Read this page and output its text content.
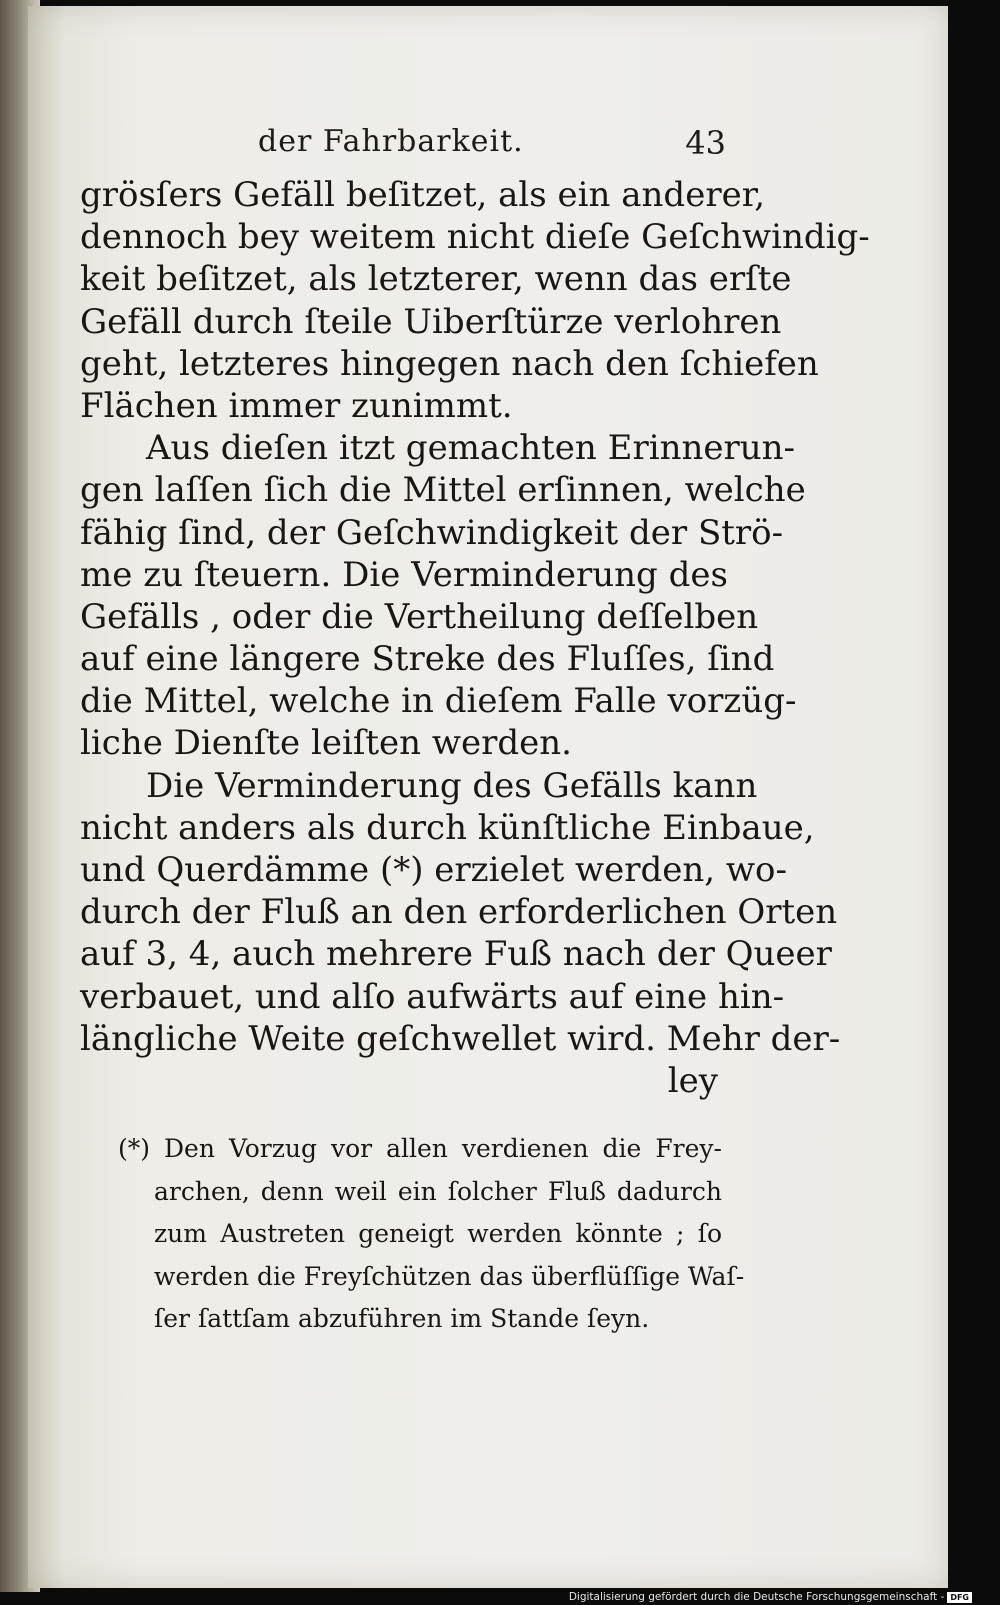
der Fahrbarkeit.	43
grösſers Gefäll beſitzet, als ein anderer,
dennoch bey weitem nicht dieſe Geſchwindig-
keit beſitzet, als letzterer, wenn das erſte
Gefäll durch ſteile Uiberſtürze verlohren
geht, letzteres hingegen nach den ſchiefen
Flächen immer zunimmt.
Aus dieſen itzt gemachten Erinnerun-
gen laſſen ſich die Mittel erſinnen, welche
fähig ſind, der Geſchwindigkeit der Strö-
me zu ſteuern. Die Verminderung des
Gefälls , oder die Vertheilung deſſelben
auf eine längere Streke des Fluſſes, ſind
die Mittel, welche in dieſem Falle vorzüg-
liche Dienſte leiſten werden.
Die Verminderung des Gefälls kann
nicht anders als durch künſtliche Einbaue,
und Querdämme (*) erzielet werden, wo-
durch der Fluß an den erforderlichen Orten
auf 3, 4, auch mehrere Fuß nach der Queer
verbauet, und alſo aufwärts auf eine hin-
längliche Weite geſchwellet wird. Mehr der-
ley
(*) Den Vorzug vor allen verdienen die Frey-
archen, denn weil ein ſolcher Fluß dadurch
zum Austreten geneigt werden könnte ; ſo
werden die Freyſchützen das überflüſſige Waſ-
ſer ſattſam abzuführen im Stande ſeyn.
Digitalisierung gefördert durch die Deutsche Forschungsgemeinschaft - DFG
